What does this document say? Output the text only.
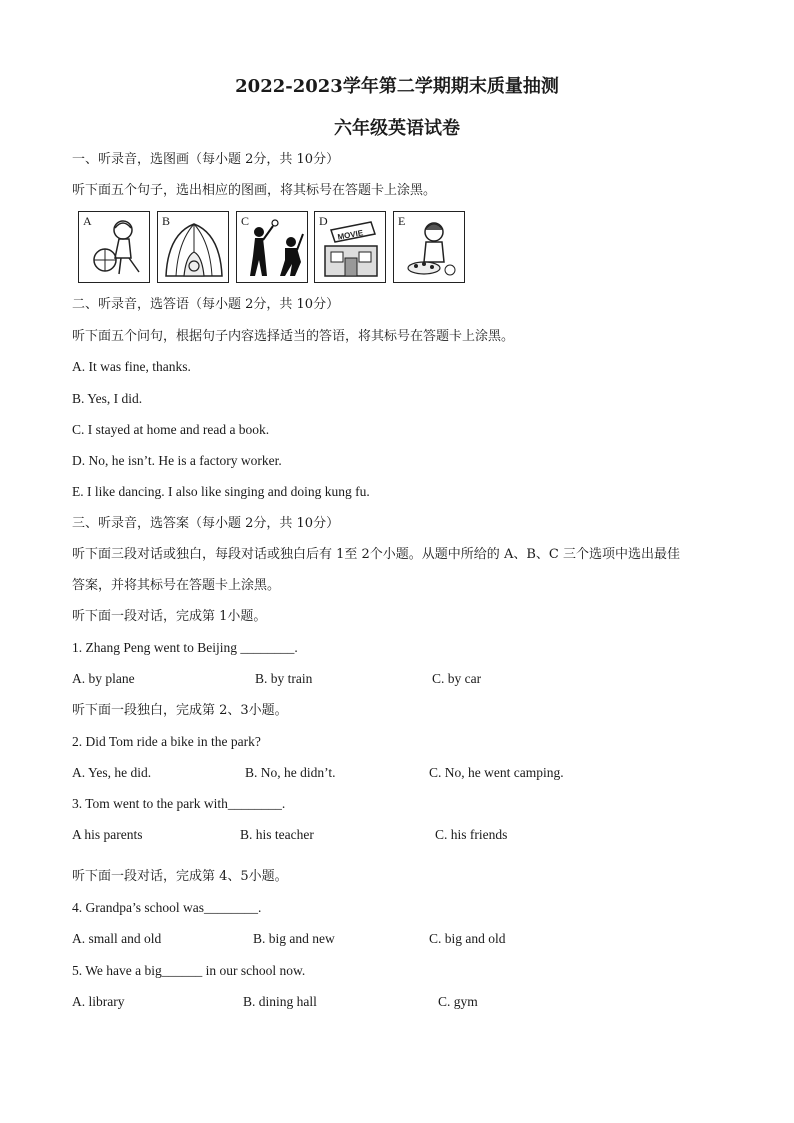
2022-2023学年第二学期期末质量抽测
六年级英语试卷
一、听录音，选图画（每小题 2分，共 10分）
听下面五个句子，选出相应的图画，将其标号在答题卡上涂黑。
A	B	C	D
MOVIE
E
二、听录音，选答语（每小题 2分，共 10分）
听下面五个问句，根据句子内容选择适当的答语，将其标号在答题卡上涂黑。
A. It was fine, thanks.
B. Yes, I did.
C. I stayed at home and read a book.
D. No, he isn’t. He is a factory worker.
E. I like dancing. I also like singing and doing kung fu.
三、听录音，选答案（每小题 2分，共 10分）
听下面三段对话或独白，每段对话或独白后有 1至 2个小题。从题中所给的 A、B、C 三个选项中选出最佳
答案，并将其标号在答题卡上涂黑。
听下面一段对话，完成第 1小题。
1. Zhang Peng went to Beijing ________.
A. by plane	B. by train	C. by car
听下面一段独白，完成第 2、3小题。
2. Did Tom ride a bike in the park?
A. Yes, he did.	B. No, he didn’t.	C. No, he went camping.
3. Tom went to the park with________.
A his parents	B. his teacher	C. his friends
听下面一段对话，完成第 4、5小题。
4. Grandpa’s school was________.
A. small and old	B. big and new	C. big and old
5. We have a big______ in our school now.
A. library	B. dining hall	C. gym
